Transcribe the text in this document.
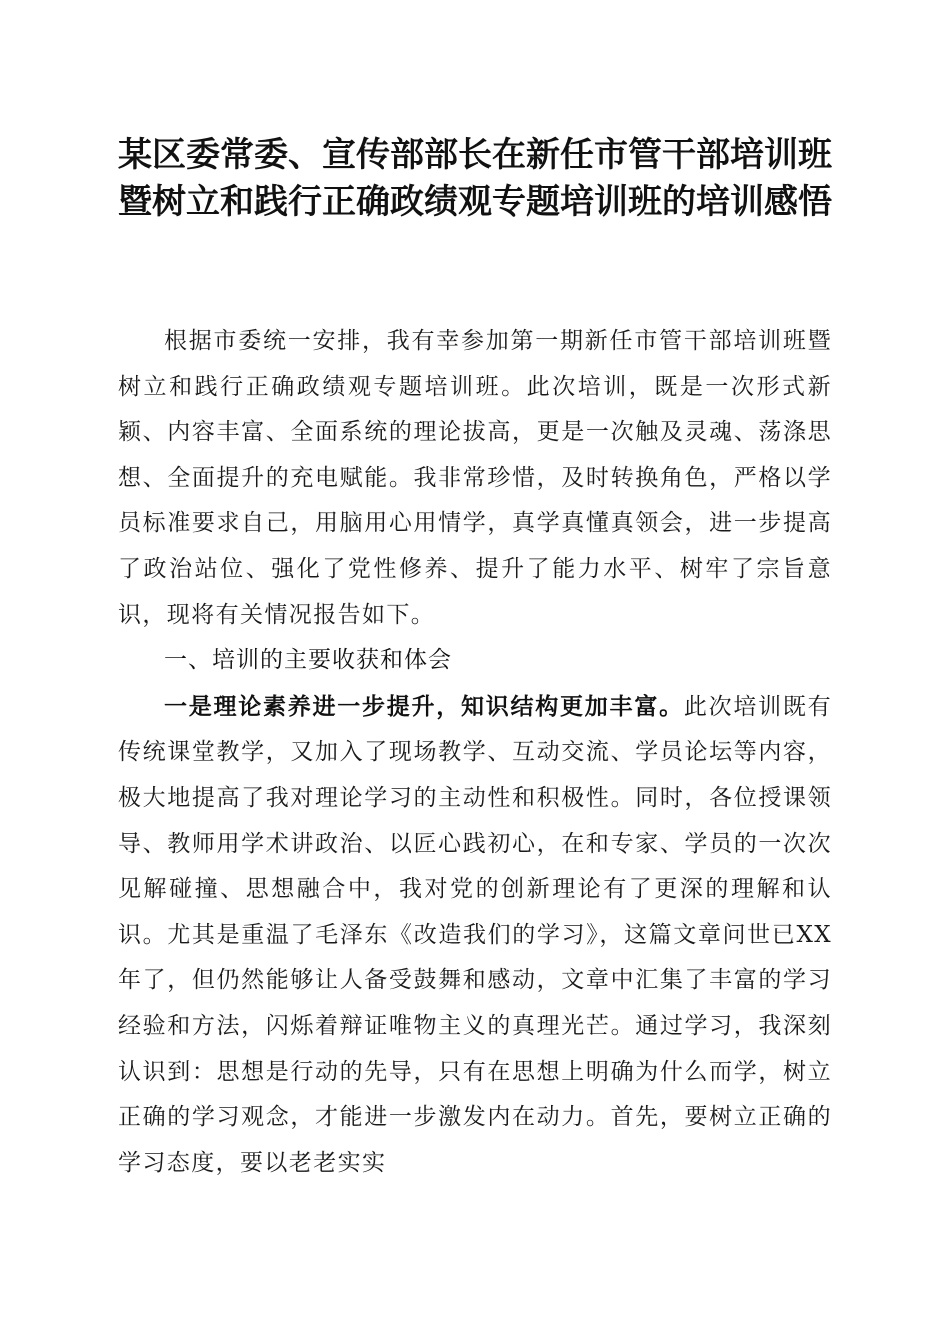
某区委常委、宣传部部长在新任市管干部培训班暨树立和践行正确政绩观专题培训班的培训感悟

根据市委统一安排，我有幸参加第一期新任市管干部培训班暨树立和践行正确政绩观专题培训班。此次培训，既是一次形式新颖、内容丰富、全面系统的理论拔高，更是一次触及灵魂、荡涤思想、全面提升的充电赋能。我非常珍惜，及时转换角色，严格以学员标准要求自己，用脑用心用情学，真学真懂真领会，进一步提高了政治站位、强化了党性修养、提升了能力水平、树牢了宗旨意识，现将有关情况报告如下。

一、培训的主要收获和体会

一是理论素养进一步提升，知识结构更加丰富。此次培训既有传统课堂教学，又加入了现场教学、互动交流、学员论坛等内容，极大地提高了我对理论学习的主动性和积极性。同时，各位授课领导、教师用学术讲政治、以匠心践初心，在和专家、学员的一次次见解碰撞、思想融合中，我对党的创新理论有了更深的理解和认识。尤其是重温了毛泽东《改造我们的学习》，这篇文章问世已XX年了，但仍然能够让人备受鼓舞和感动，文章中汇集了丰富的学习经验和方法，闪烁着辩证唯物主义的真理光芒。通过学习，我深刻认识到：思想是行动的先导，只有在思想上明确为什么而学，树立正确的学习观念，才能进一步激发内在动力。首先，要树立正确的学习态度，要以老老实实
